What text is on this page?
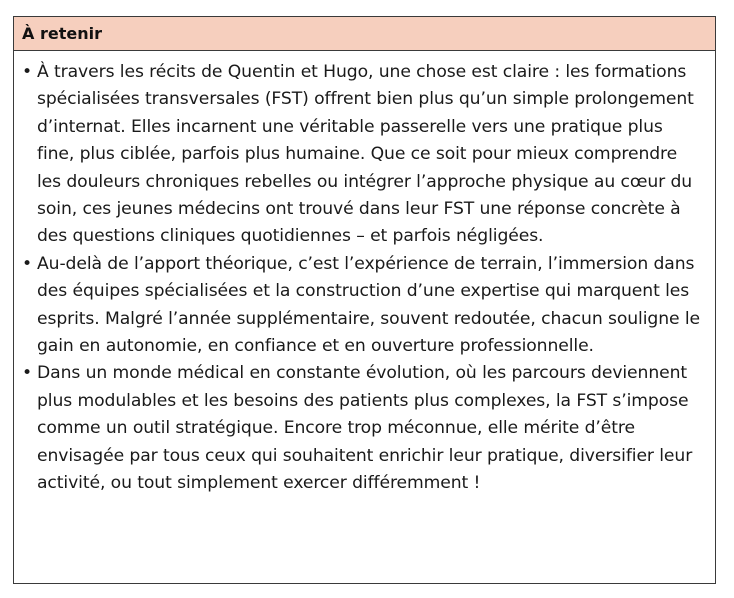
À retenir
• À travers les récits de Quentin et Hugo, une chose est claire : les formations spécialisées transversales (FST) offrent bien plus qu’un simple prolongement d’internat. Elles incarnent une véritable passerelle vers une pratique plus fine, plus ciblée, parfois plus humaine. Que ce soit pour mieux comprendre les douleurs chroniques rebelles ou intégrer l’approche physique au cœur du soin, ces jeunes médecins ont trouvé dans leur FST une réponse concrète à des questions cliniques quotidiennes – et parfois négligées.
• Au-delà de l’apport théorique, c’est l’expérience de terrain, l’immersion dans des équipes spécialisées et la construction d’une expertise qui marquent les esprits. Malgré l’année supplémentaire, souvent redoutée, chacun souligne le gain en autonomie, en confiance et en ouverture professionnelle.
• Dans un monde médical en constante évolution, où les parcours deviennent plus modulables et les besoins des patients plus complexes, la FST s’impose comme un outil stratégique. Encore trop méconnue, elle mérite d’être envisagée par tous ceux qui souhaitent enrichir leur pratique, diversifier leur activité, ou tout simplement exercer différemment !
